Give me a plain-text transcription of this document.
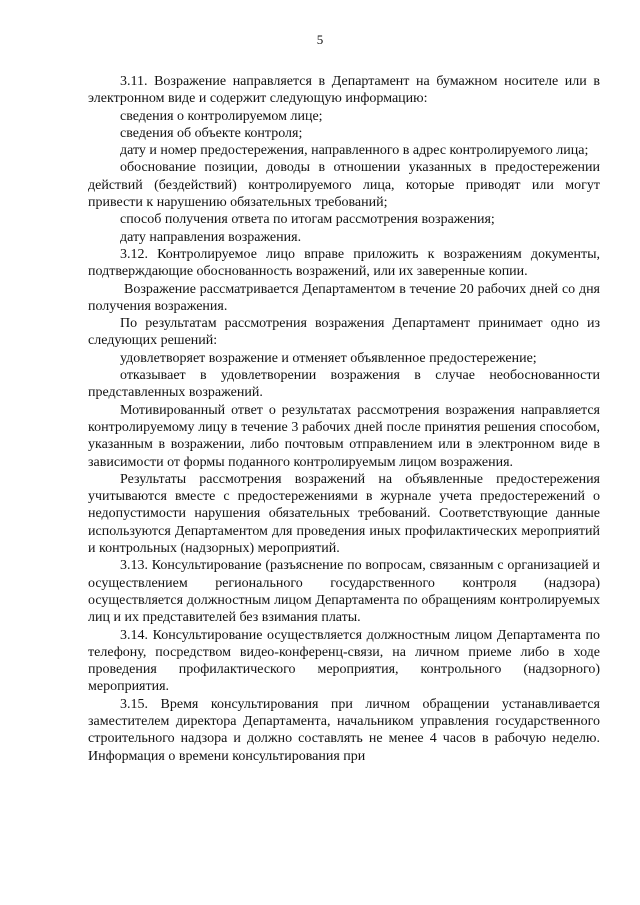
5

3.11. Возражение направляется в Департамент на бумажном носителе или в электронном виде и содержит следующую информацию:

сведения о контролируемом лице;

сведения об объекте контроля;

дату и номер предостережения, направленного в адрес контролируемого лица;

обоснование позиции, доводы в отношении указанных в предостережении действий (бездействий) контролируемого лица, которые приводят или могут привести к нарушению обязательных требований;

способ получения ответа по итогам рассмотрения возражения;

дату направления возражения.

3.12. Контролируемое лицо вправе приложить к возражениям документы, подтверждающие обоснованность возражений, или их заверенные копии.

Возражение рассматривается Департаментом в течение 20 рабочих дней со дня получения возражения.

По результатам рассмотрения возражения Департамент принимает одно из следующих решений:

удовлетворяет возражение и отменяет объявленное предостережение;

отказывает в удовлетворении возражения в случае необоснованности представленных возражений.

Мотивированный ответ о результатах рассмотрения возражения направляется контролируемому лицу в течение 3 рабочих дней после принятия решения способом, указанным в возражении, либо почтовым отправлением или в электронном виде в зависимости от формы поданного контролируемым лицом возражения.

Результаты рассмотрения возражений на объявленные предостережения учитываются вместе с предостережениями в журнале учета предостережений о недопустимости нарушения обязательных требований. Соответствующие данные используются Департаментом для проведения иных профилактических мероприятий и контрольных (надзорных) мероприятий.

3.13. Консультирование (разъяснение по вопросам, связанным с организацией и осуществлением регионального государственного контроля (надзора) осуществляется должностным лицом Департамента по обращениям контролируемых лиц и их представителей без взимания платы.

3.14. Консультирование осуществляется должностным лицом Департамента по телефону, посредством видео-конференц-связи, на личном приеме либо в ходе проведения профилактического мероприятия, контрольного (надзорного) мероприятия.

3.15. Время консультирования при личном обращении устанавливается заместителем директора Департамента, начальником управления государственного строительного надзора и должно составлять не менее 4 часов в рабочую неделю. Информация о времени консультирования при
